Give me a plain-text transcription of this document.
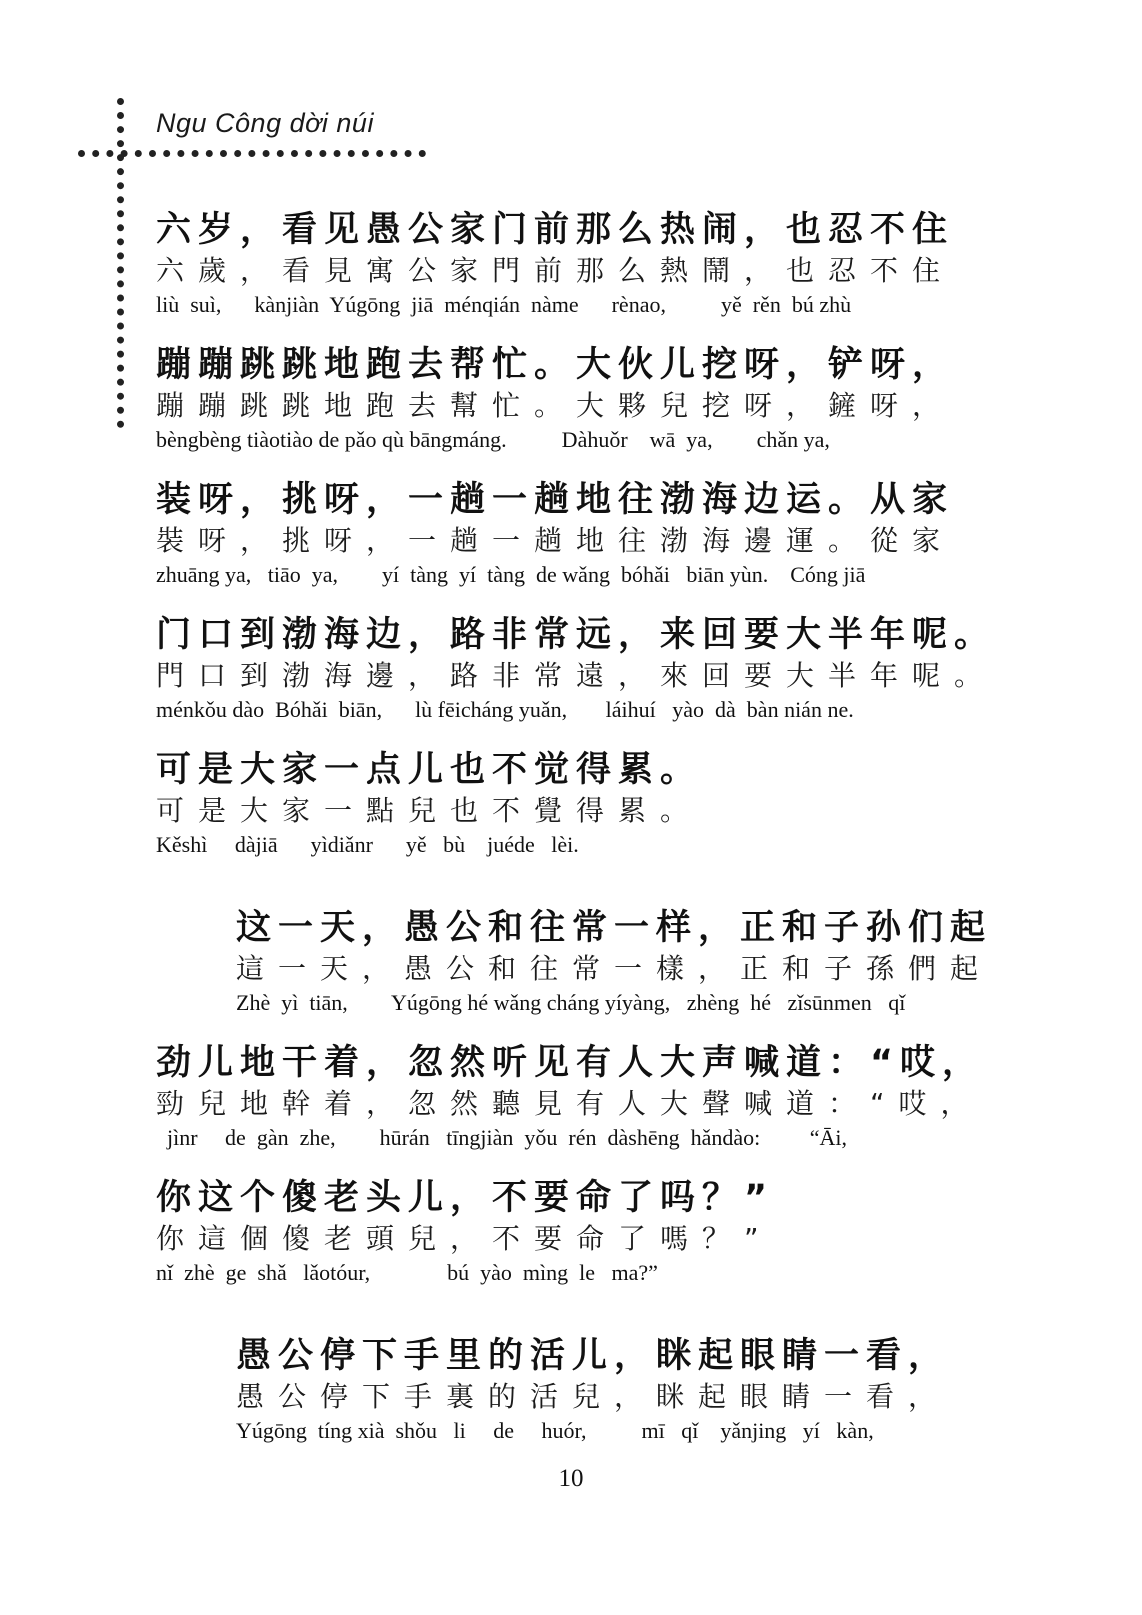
Ngu Công dời núi
六岁，看见愚公家门前那么热闹，也忍不住
六歲，看見寓公家門前那么熱鬧，也忍不住
liù  suì,      kànjiàn  Yúgōng  jiā  ménqián  nàme      rènao,          yě  rěn  bú zhù
蹦蹦跳跳地跑去帮忙。大伙儿挖呀，铲呀，
蹦蹦跳跳地跑去幫忙。大夥兒挖呀，鏟呀，
bèngbèng tiàotiào de pǎo qù bāngmáng.          Dàhuǒr    wā  ya,        chǎn ya,
装呀，挑呀，一趟一趟地往渤海边运。从家
裝呀，挑呀，一趟一趟地往渤海邊運。從家
zhuāng ya,   tiāo  ya,        yí  tàng  yí  tàng  de wǎng  bóhǎi   biān yùn.    Cóng jiā
门口到渤海边，路非常远，来回要大半年呢。
門口到渤海邊，路非常遠，來回要大半年呢。
ménkǒu dào  Bóhǎi  biān,      lù fēicháng yuǎn,       láihuí   yào  dà  bàn nián ne.
可是大家一点儿也不觉得累。
可是大家一點兒也不覺得累。
Kěshì     dàjiā      yìdiǎnr      yě   bù    juéde   lèi.
这一天，愚公和往常一样，正和子孙们起
這一天，愚公和往常一樣，正和子孫們起
Zhè  yì  tiān,        Yúgōng hé wǎng cháng yíyàng,   zhèng  hé   zǐsūnmen   qǐ
劲儿地干着，忽然听见有人大声喊道：“哎，
勁兒地幹着，忽然聽見有人大聲喊道：“哎，
jìnr     de  gàn  zhe,        hūrán   tīngjiàn  yǒu  rén  dàshēng  hǎndào:         “Āi,
你这个傻老头儿，不要命了吗？”
你這個傻老頭兒，不要命了嗎？”
nǐ  zhè  ge  shǎ   lǎotóur,              bú  yào  mìng  le   ma?”
愚公停下手里的活儿，眯起眼睛一看，
愚公停下手裏的活兒，眯起眼睛一看，
Yúgōng  tíng xià  shǒu   li     de     huór,          mī   qǐ    yǎnjing   yí   kàn,
10
